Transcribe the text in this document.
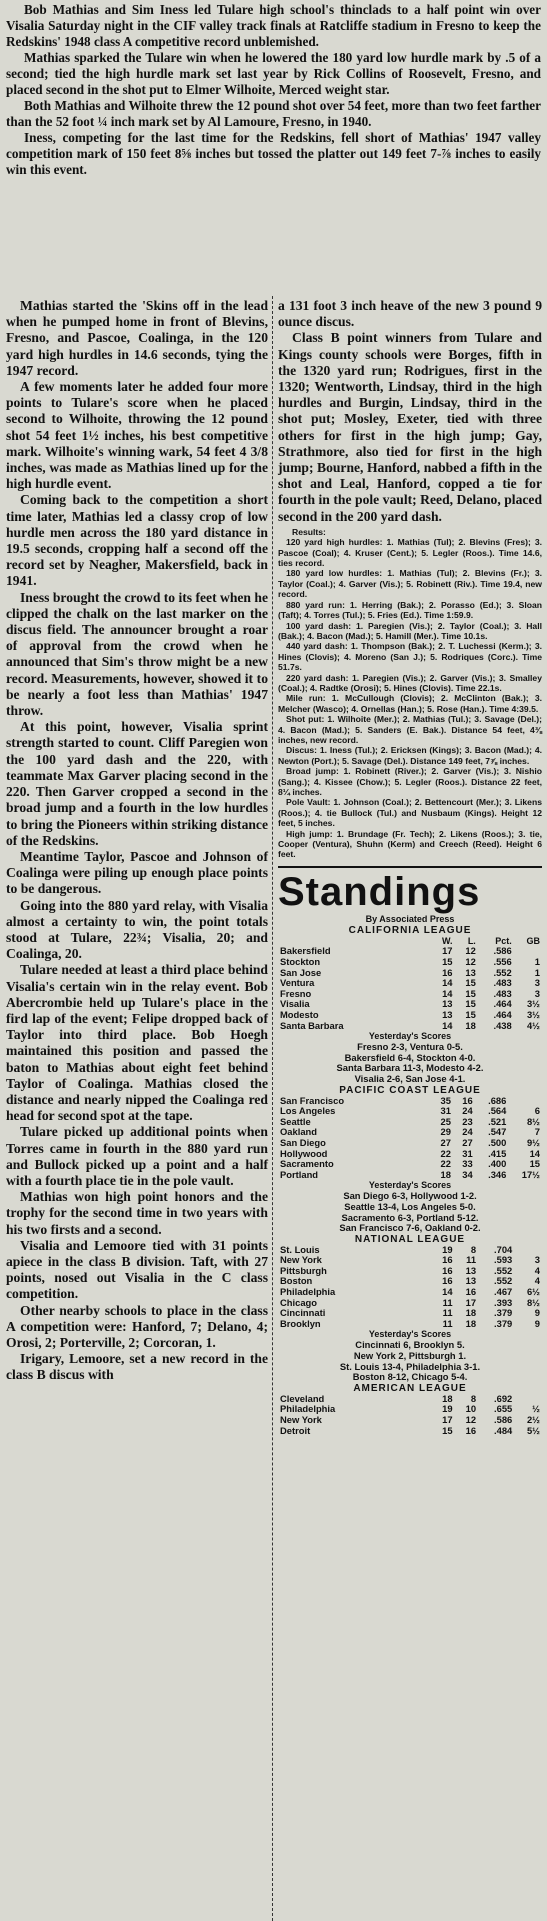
Bob Mathias and Sim Iness led Tulare high school's thinclads to a half point win over Visalia Saturday night in the CIF valley track finals at Ratcliffe stadium in Fresno to keep the Redskins' 1948 class A competitive record unblemished.

Mathias sparked the Tulare win when he lowered the 180 yard low hurdle mark by .5 of a second; tied the high hurdle mark set last year by Rick Collins of Roosevelt, Fresno, and placed second in the shot put to Elmer Wilhoite, Merced weight star.

Both Mathias and Wilhoite threw the 12 pound shot over 54 feet, more than two feet farther than the 52 foot ¼ inch mark set by Al Lamoure, Fresno, in 1940.

Iness, competing for the last time for the Redskins, fell short of Mathias' 1947 valley competition mark of 150 feet 8⅝ inches but tossed the platter out 149 feet 7-⅞ inches to easily win this event.

Mathias started the 'Skins off in the lead when he pumped home in front of Blevins, Fresno, and Pascoe, Coalinga, in the 120 yard high hurdles in 14.6 seconds, tying the 1947 record.

A few moments later he added four more points to Tulare's score when he placed second to Wilhoite, throwing the 12 pound shot 54 feet 1½ inches, his best competitive mark. Wilhoite's winning wark, 54 feet 4 3/8 inches, was made as Mathias lined up for the high hurdle event.

Coming back to the competition a short time later, Mathias led a classy crop of low hurdle men across the 180 yard distance in 19.5 seconds, cropping half a second off the record set by Neagher, Makersfield, back in 1941.

Iness brought the crowd to its feet when he clipped the chalk on the last marker on the discus field. The announcer brought a roar of approval from the crowd when he announced that Sim's throw might be a new record. Measurements, however, showed it to be nearly a foot less than Mathias' 1947 throw.

At this point, however, Visalia sprint strength started to count. Cliff Paregien won the 100 yard dash and the 220, with teammate Max Garver placing second in the 220. Then Garver cropped a second in the broad jump and a fourth in the low hurdles to bring the Pioneers within striking distance of the Redskins.

Meantime Taylor, Pascoe and Johnson of Coalinga were piling up enough place points to be dangerous.

Going into the 880 yard relay, with Visalia almost a certainty to win, the point totals stood at Tulare, 22¾; Visalia, 20; and Coalinga, 20.

Tulare needed at least a third place behind Visalia's certain win in the relay event. Bob Abercrombie held up Tulare's place in the fird lap of the event; Felipe dropped back of Taylor into third place. Bob Hoegh maintained this position and passed the baton to Mathias about eight feet behind Taylor of Coalinga. Mathias closed the distance and nearly nipped the Coalinga red head for second spot at the tape.

Tulare picked up additional points when Torres came in fourth in the 880 yard run and Bullock picked up a point and a half with a fourth place tie in the pole vault.

Mathias won high point honors and the trophy for the second time in two years with his two firsts and a second.

Visalia and Lemoore tied with 31 points apiece in the class B division. Taft, with 27 points, nosed out Visalia in the C class competition.

Other nearby schools to place in the class A competition were: Hanford, 7; Delano, 4; Orosi, 2; Porterville, 2; Corcoran, 1.

Irigary, Lemoore, set a new record in the class B discus with

a 131 foot 3 inch heave of the new 3 pound 9 ounce discus.

Class B point winners from Tulare and Kings county schools were Borges, fifth in the 1320 yard run; Rodrigues, first in the 1320; Wentworth, Lindsay, third in the high hurdles and Burgin, Lindsay, third in the shot put; Mosley, Exeter, tied with three others for first in the high jump; Gay, Strathmore, also tied for first in the high jump; Bourne, Hanford, nabbed a fifth in the shot and Leal, Hanford, copped a tie for fourth in the pole vault; Reed, Delano, placed second in the 200 yard dash.

Results:

120 yard high hurdles: 1. Mathias (Tul); 2. Blevins (Fres); 3. Pascoe (Coal); 4. Kruser (Cent.); 5. Legler (Roos.). Time 14.6, ties record.

180 yard low hurdles: 1. Mathias (Tul); 2. Blevins (Fr.); 3. Taylor (Coal.); 4. Garver (Vis.); 5. Robinett (Riv.). Time 19.4, new record.

880 yard run: 1. Herring (Bak.); 2. Porasso (Ed.); 3. Sloan (Taft); 4. Torres (Tul.); 5. Fries (Ed.). Time 1:59.9.

100 yard dash: 1. Paregien (Vis.); 2. Taylor (Coal.); 3. Hall (Bak.); 4. Bacon (Mad.); 5. Hamill (Mer.). Time 10.1s.

440 yard dash: 1. Thompson (Bak.); 2. T. Luchessi (Kerm.); 3. Hines (Clovis); 4. Moreno (San J.); 5. Rodriques (Corc.). Time 51.7s.

220 yard dash: 1. Paregien (Vis.); 2. Garver (Vis.); 3. Smalley (Coal.); 4. Radtke (Orosi); 5. Hines (Clovis). Time 22.1s.

Mile run: 1. McCullough (Clovis); 2. McClinton (Bak.); 3. Melcher (Wasco); 4. Ornellas (Han.); 5. Rose (Han.). Time 4:39.5.

Shot put: 1. Wilhoite (Mer.); 2. Mathias (Tul.); 3. Savage (Del.); 4. Bacon (Mad.); 5. Sanders (E. Bak.). Distance 54 feet, 4⅜ inches, new record.

Discus: 1. Iness (Tul.); 2. Ericksen (Kings); 3. Bacon (Mad.); 4. Newton (Port.); 5. Savage (Del.). Distance 149 feet, 7⅞ inches.

Broad jump: 1. Robinett (River.); 2. Garver (Vis.); 3. Nishio (Sang.); 4. Kissee (Chow.); 5. Legler (Roos.). Distance 22 feet, 8¼ inches.

Pole Vault: 1. Johnson (Coal.); 2. Bettencourt (Mer.); 3. Likens (Roos.); 4. tie Bullock (Tul.) and Nusbaum (Kings). Height 12 feet, 5 inches.

High jump: 1. Brundage (Fr. Tech); 2. Likens (Roos.); 3. tie, Cooper (Ventura), Shuhn (Kerm) and Creech (Reed). Height 6 feet.

Standings
By Associated Press
CALIFORNIA LEAGUE
	W.	L.	Pct.	GB
Bakersfield	17	12	.586	
Stockton	15	12	.556	1
San Jose	16	13	.552	1
Ventura	14	15	.483	3
Fresno	14	15	.483	3
Visalia	13	15	.464	3½
Modesto	13	15	.464	3½
Santa Barbara	14	18	.438	4½
Yesterday's Scores
Fresno 2-3, Ventura 0-5.
Bakersfield 6-4, Stockton 4-0.
Santa Barbara 11-3, Modesto 4-2.
Visalia 2-6, San Jose 4-1.
PACIFIC COAST LEAGUE
San Francisco	35	16	.686	
Los Angeles	31	24	.564	6
Seattle	25	23	.521	8½
Oakland	29	24	.547	7
San Diego	27	27	.500	9½
Hollywood	22	31	.415	14
Sacramento	22	33	.400	15
Portland	18	34	.346	17½
Yesterday's Scores
San Diego 6-3, Hollywood 1-2.
Seattle 13-4, Los Angeles 5-0.
Sacramento 6-3, Portland 5-12.
San Francisco 7-6, Oakland 0-2.
NATIONAL LEAGUE
St. Louis	19	8	.704	
New York	16	11	.593	3
Pittsburgh	16	13	.552	4
Boston	16	13	.552	4
Philadelphia	14	16	.467	6½
Chicago	11	17	.393	8½
Cincinnati	11	18	.379	9
Brooklyn	11	18	.379	9
Yesterday's Scores
Cincinnati 6, Brooklyn 5.
New York 2, Pittsburgh 1.
St. Louis 13-4, Philadelphia 3-1.
Boston 8-12, Chicago 5-4.
AMERICAN LEAGUE
Cleveland	18	8	.692	
Philadelphia	19	10	.655	½
New York	17	12	.586	2½
Detroit	15	16	.484	5½
